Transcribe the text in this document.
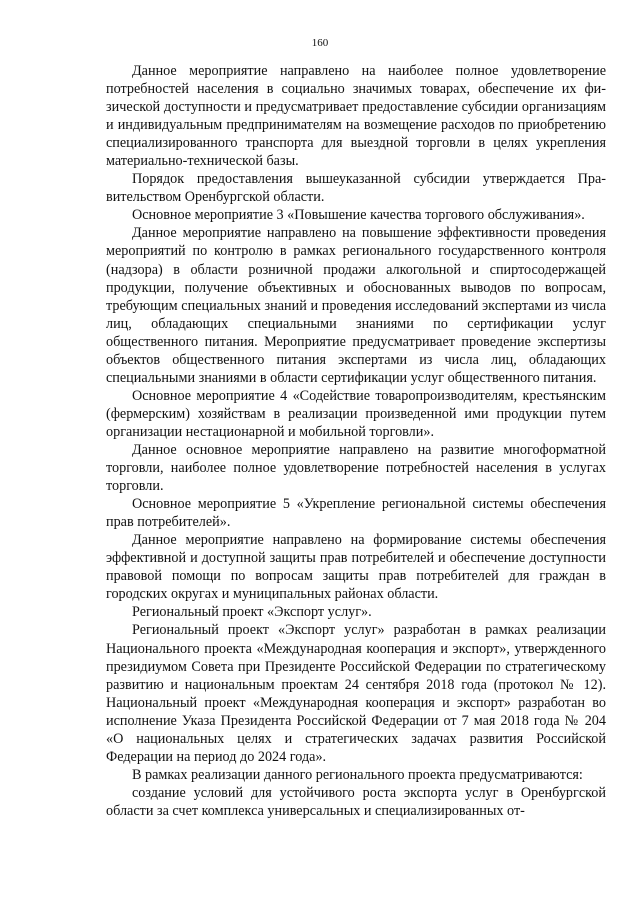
160

Данное мероприятие направлено на наиболее полное удовлетворение потребностей населения в социально значимых товарах, обеспечение их физической доступности и предусматривает предоставление субсидии организациям и индивидуальным предпринимателям на возмещение расходов по приобретению специализированного транспорта для выездной торговли в целях укрепления материально-технической базы.

Порядок предоставления вышеуказанной субсидии утверждается Правительством Оренбургской области.

Основное мероприятие 3 «Повышение качества торгового обслуживания».

Данное мероприятие направлено на повышение эффективности проведения мероприятий по контролю в рамках регионального государственного контроля (надзора) в области розничной продажи алкогольной и спиртосодержащей продукции, получение объективных и обоснованных выводов по вопросам, требующим специальных знаний и проведения исследований экспертами из числа лиц, обладающих специальными знаниями по сертификации услуг общественного питания. Мероприятие предусматривает проведение экспертизы объектов общественного питания экспертами из числа лиц, обладающих специальными знаниями в области сертификации услуг общественного питания.

Основное мероприятие 4 «Содействие товаропроизводителям, крестьянским (фермерским) хозяйствам в реализации произведенной ими продукции путем организации нестационарной и мобильной торговли».

Данное основное мероприятие направлено на развитие многоформатной торговли, наиболее полное удовлетворение потребностей населения в услугах торговли.

Основное мероприятие 5 «Укрепление региональной системы обеспечения прав потребителей».

Данное мероприятие направлено на формирование системы обеспечения эффективной и доступной защиты прав потребителей и обеспечение доступности правовой помощи по вопросам защиты прав потребителей для граждан в городских округах и муниципальных районах области.

Региональный проект «Экспорт услуг».

Региональный проект «Экспорт услуг» разработан в рамках реализации Национального проекта «Международная кооперация и экспорт», утвержденного президиумом Совета при Президенте Российской Федерации по стратегическому развитию и национальным проектам 24 сентября 2018 года (протокол № 12). Национальный проект «Международная кооперация и экспорт» разработан во исполнение Указа Президента Российской Федерации от 7 мая 2018 года № 204 «О национальных целях и стратегических задачах развития Российской Федерации на период до 2024 года».

В рамках реализации данного регионального проекта предусматриваются:

создание условий для устойчивого роста экспорта услуг в Оренбургской области за счет комплекса универсальных и специализированных от-
